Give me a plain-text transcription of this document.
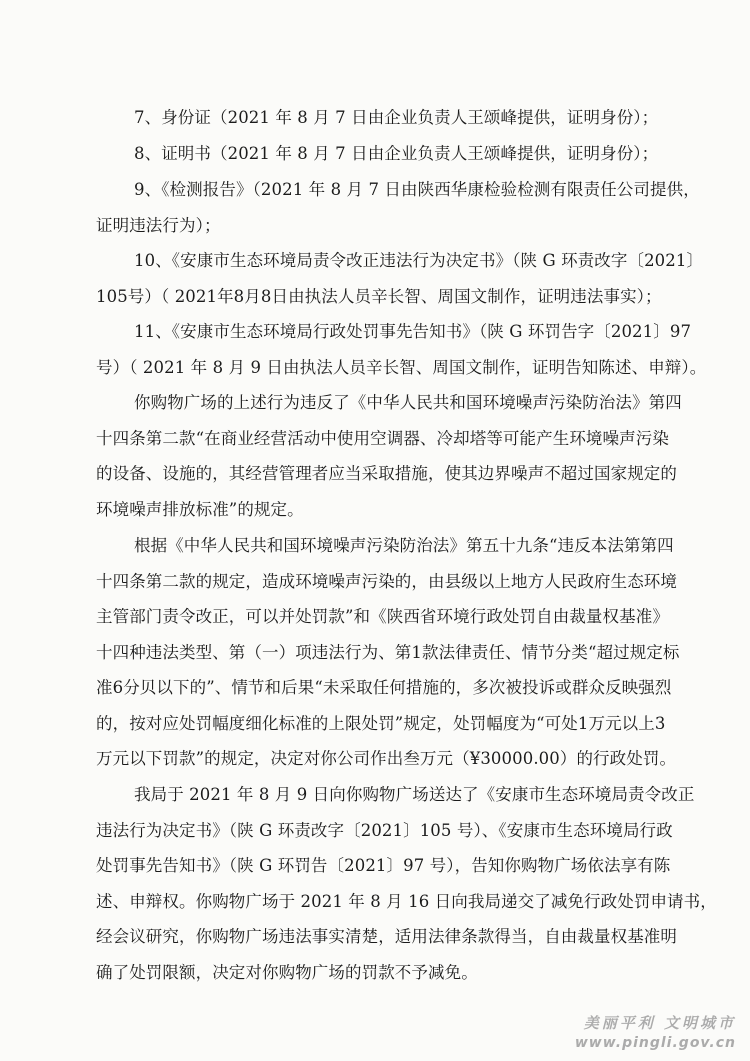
7、身份证（2021 年 8 月 7 日由企业负责人王颂峰提供，证明身份）；
8、证明书（2021 年 8 月 7 日由企业负责人王颂峰提供，证明身份）；
9、《检测报告》（2021 年 8 月 7 日由陕西华康检验检测有限责任公司提供，
证明违法行为）；
10、《安康市生态环境局责令改正违法行为决定书》（陕 G 环责改字〔2021〕
105号）（ 2021年8月8日由执法人员辛长智、周国文制作，证明违法事实）；
11、《安康市生态环境局行政处罚事先告知书》（陕 G 环罚告字〔2021〕97
号）（ 2021 年 8 月 9 日由执法人员辛长智、周国文制作，证明告知陈述、申辩）。
你购物广场的上述行为违反了《中华人民共和国环境噪声污染防治法》第四
十四条第二款“在商业经营活动中使用空调器、冷却塔等可能产生环境噪声污染
的设备、设施的，其经营管理者应当采取措施，使其边界噪声不超过国家规定的
环境噪声排放标准”的规定。
根据《中华人民共和国环境噪声污染防治法》第五十九条“违反本法第第四
十四条第二款的规定，造成环境噪声污染的，由县级以上地方人民政府生态环境
主管部门责令改正，可以并处罚款”和《陕西省环境行政处罚自由裁量权基准》
十四种违法类型、第（一）项违法行为、第1款法律责任、情节分类“超过规定标
准6分贝以下的”、情节和后果“未采取任何措施的，多次被投诉或群众反映强烈
的，按对应处罚幅度细化标准的上限处罚”规定，处罚幅度为“可处1万元以上3
万元以下罚款”的规定，决定对你公司作出叁万元（¥30000.00）的行政处罚。
我局于 2021 年 8 月 9 日向你购物广场送达了《安康市生态环境局责令改正
违法行为决定书》（陕 G 环责改字〔2021〕105 号）、《安康市生态环境局行政
处罚事先告知书》（陕 G 环罚告〔2021〕97 号），告知你购物广场依法享有陈
述、申辩权。你购物广场于 2021 年 8 月 16 日向我局递交了减免行政处罚申请书，
经会议研究，你购物广场违法事实清楚，适用法律条款得当，自由裁量权基准明
确了处罚限额，决定对你购物广场的罚款不予减免。
美丽平利 文明城市
www.pingli.gov.cn
